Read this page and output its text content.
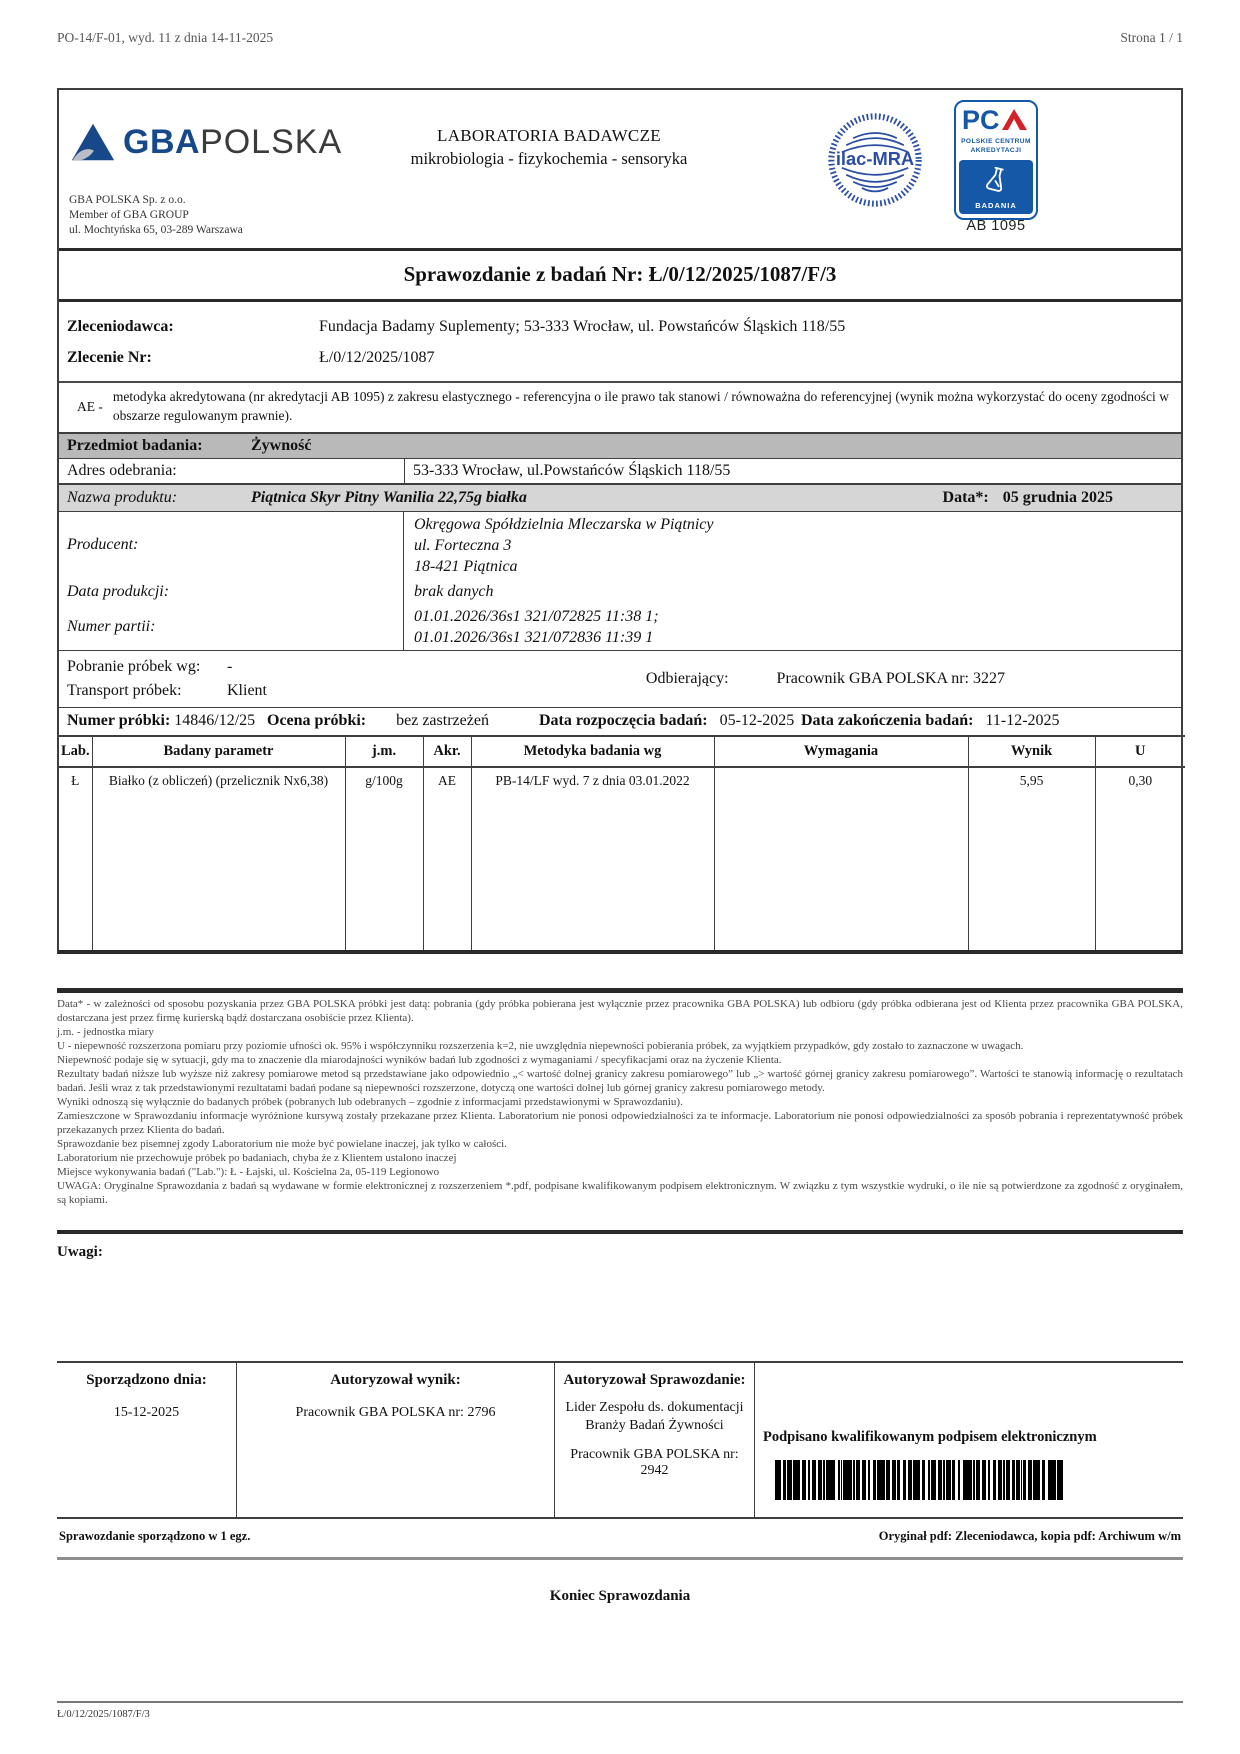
PO-14/F-01, wyd. 11 z dnia 14-11-2025	Strona 1 / 1
GBA POLSKA
GBA POLSKA Sp. z o.o.
Member of GBA GROUP
ul. Mochtyńska 65, 03-289 Warszawa
LABORATORIA BADAWCZE
mikrobiologia - fizykochemia - sensoryka	ilac-MRA
PC
POLSKIE CENTRUM
AKREDYTACJI
BADANIA
AB 1095
Sprawozdanie z badań Nr: Ł/0/12/2025/1087/F/3
Zleceniodawca:	Fundacja Badamy Suplementy; 53-333 Wrocław, ul. Powstańców Śląskich 118/55
Zlecenie Nr:	Ł/0/12/2025/1087
AE -
metodyka akredytowana (nr akredytacji AB 1095) z zakresu elastycznego - referencyjna o ile prawo tak stanowi / równoważna do referencyjnej (wynik można wykorzystać do oceny zgodności w obszarze regulowanym prawnie).
Przedmiot badania:	Żywność
Adres odebrania:	53-333 Wrocław, ul.Powstańców Śląskich 118/55
Nazwa produktu:	Piątnica Skyr Pitny Wanilia 22,75g białka	Data*: 05 grudnia 2025
Producent:
Okręgowa Spółdzielnia Mleczarska w Piątnicy
ul. Forteczna 3
18-421 Piątnica
Data produkcji:	brak danych
Numer partii:
01.01.2026/36s1 321/072825 11:38 1;
01.01.2026/36s1 321/072836 11:39 1
Pobranie próbek wg:	-
Transport próbek:	Klient
Odbierający:	Pracownik GBA POLSKA nr: 3227
Numer próbki: 14846/12/25 Ocena próbki: bez zastrzeżeń	Data rozpoczęcia badań: 05-12-2025 Data zakończenia badań: 11-12-2025
Lab.	Badany parametr	j.m.	Akr.	Metodyka badania wg	Wymagania	Wynik	U
Ł	Białko (z obliczeń) (przelicznik Nx6,38)	g/100g	AE	PB-14/LF wyd. 7 z dnia 03.01.2022		5,95	0,30
Data* - w zależności od sposobu pozyskania przez GBA POLSKA próbki jest datą: pobrania (gdy próbka pobierana jest wyłącznie przez pracownika GBA POLSKA) lub odbioru (gdy próbka odbierana jest od Klienta przez pracownika GBA POLSKA, dostarczana jest przez firmę kurierską bądź dostarczana osobiście przez Klienta).
j.m. - jednostka miary
U - niepewność rozszerzona pomiaru przy poziomie ufności ok. 95% i współczynniku rozszerzenia k=2, nie uwzględnia niepewności pobierania próbek, za wyjątkiem przypadków, gdy zostało to zaznaczone w uwagach.
Niepewność podaje się w sytuacji, gdy ma to znaczenie dla miarodajności wyników badań lub zgodności z wymaganiami / specyfikacjami oraz na życzenie Klienta.
Rezultaty badań niższe lub wyższe niż zakresy pomiarowe metod są przedstawiane jako odpowiednio „< wartość dolnej granicy zakresu pomiarowego” lub „> wartość górnej granicy zakresu pomiarowego”. Wartości te stanowią informację o rezultatach badań. Jeśli wraz z tak przedstawionymi rezultatami badań podane są niepewności rozszerzone, dotyczą one wartości dolnej lub górnej granicy zakresu pomiarowego metody.
Wyniki odnoszą się wyłącznie do badanych próbek (pobranych lub odebranych – zgodnie z informacjami przedstawionymi w Sprawozdaniu).
Zamieszczone w Sprawozdaniu informacje wyróżnione kursywą zostały przekazane przez Klienta. Laboratorium nie ponosi odpowiedzialności za te informacje. Laboratorium nie ponosi odpowiedzialności za sposób pobrania i reprezentatywność próbek przekazanych przez Klienta do badań.
Sprawozdanie bez pisemnej zgody Laboratorium nie może być powielane inaczej, jak tylko w całości.
Laboratorium nie przechowuje próbek po badaniach, chyba że z Klientem ustalono inaczej
Miejsce wykonywania badań ("Lab."): Ł - Łajski, ul. Kościelna 2a, 05-119 Legionowo
UWAGA: Oryginalne Sprawozdania z badań są wydawane w formie elektronicznej z rozszerzeniem *.pdf, podpisane kwalifikowanym podpisem elektronicznym. W związku z tym wszystkie wydruki, o ile nie są potwierdzone za zgodność z oryginałem, są kopiami.
Uwagi:
Sporządzono dnia:
15-12-2025
Autoryzował wynik:
Pracownik GBA POLSKA nr: 2796
Autoryzował Sprawozdanie:
Lider Zespołu ds. dokumentacji Branży Badań Żywności
Pracownik GBA POLSKA nr: 2942
Podpisano kwalifikowanym podpisem elektronicznym
Sprawozdanie sporządzono w 1 egz.	Oryginał pdf: Zleceniodawca, kopia pdf: Archiwum w/m
Koniec Sprawozdania
Ł/0/12/2025/1087/F/3
